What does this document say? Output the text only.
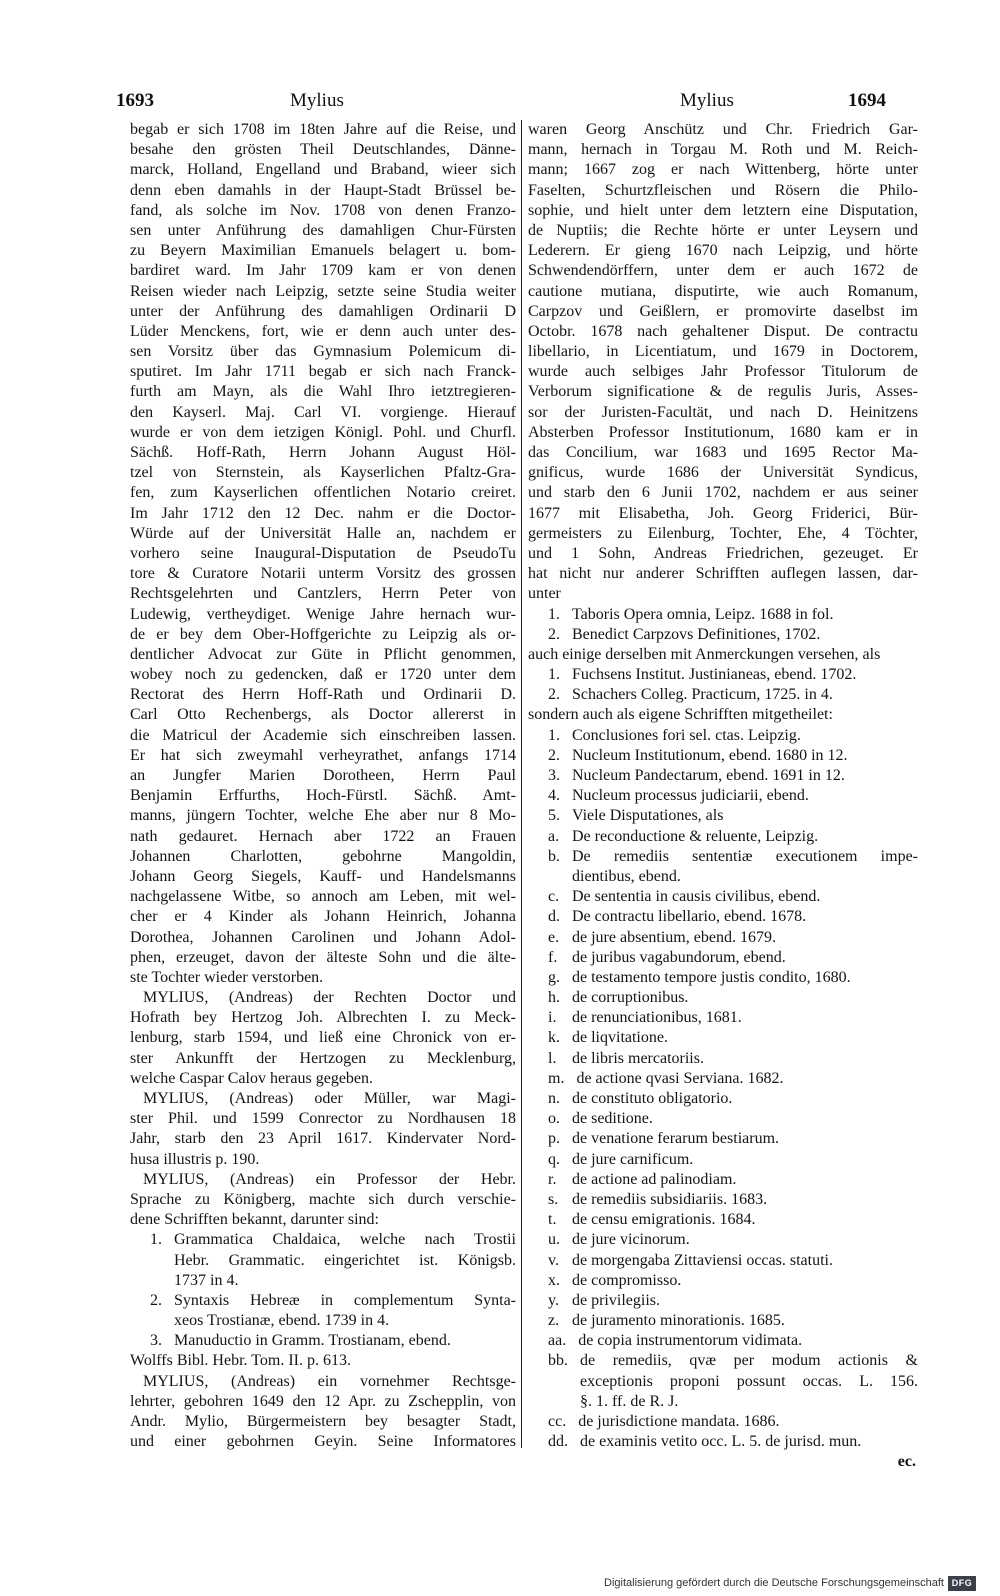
1693	Mylius	Mylius	1694
begab er sich 1708 im 18ten Jahre auf die Reise, und
besahe den grösten Theil Deutschlandes, Dänne-
marck, Holland, Engelland und Braband, wieer sich
denn eben damahls in der Haupt-Stadt Brüssel be-
fand, als solche im Nov. 1708 von denen Franzo-
sen unter Anführung des damahligen Chur-Fürsten
zu Beyern Maximilian Emanuels belagert u. bom-
bardiret ward. Im Jahr 1709 kam er von denen
Reisen wieder nach Leipzig, setzte seine Studia weiter
unter der Anführung des damahligen Ordinarii D
Lüder Menckens, fort, wie er denn auch unter des-
sen Vorsitz über das Gymnasium Polemicum di-
sputiret. Im Jahr 1711 begab er sich nach Franck-
furth am Mayn, als die Wahl Ihro ietztregieren-
den Kayserl. Maj. Carl VI. vorgienge. Hierauf
wurde er von dem ietzigen Königl. Pohl. und Churfl.
Sächß. Hoff-Rath, Herrn Johann August Höl-
tzel von Sternstein, als Kayserlichen Pfaltz-Gra-
fen, zum Kayserlichen offentlichen Notario creiret.
Im Jahr 1712 den 12 Dec. nahm er die Doctor-
Würde auf der Universität Halle an, nachdem er
vorhero seine Inaugural-Disputation de PseudoTu
tore & Curatore Notarii unterm Vorsitz des grossen
Rechtsgelehrten und Cantzlers, Herrn Peter von
Ludewig, vertheydiget. Wenige Jahre hernach wur-
de er bey dem Ober-Hoffgerichte zu Leipzig als or-
dentlicher Advocat zur Güte in Pflicht genommen,
wobey noch zu gedencken, daß er 1720 unter dem
Rectorat des Herrn Hoff-Rath und Ordinarii D.
Carl Otto Rechenbergs, als Doctor allererst in
die Matricul der Academie sich einschreiben lassen.
Er hat sich zweymahl verheyrathet, anfangs 1714
an Jungfer Marien Dorotheen, Herrn Paul
Benjamin Erffurths, Hoch-Fürstl. Sächß. Amt-
manns, jüngern Tochter, welche Ehe aber nur 8 Mo-
nath gedauret. Hernach aber 1722 an Frauen
Johannen Charlotten, gebohrne Mangoldin,
Johann Georg Siegels, Kauff- und Handelsmanns
nachgelassene Witbe, so annoch am Leben, mit wel-
cher er 4 Kinder als Johann Heinrich, Johanna
Dorothea, Johannen Carolinen und Johann Adol-
phen, erzeuget, davon der älteste Sohn und die älte-
ste Tochter wieder verstorben.
MYLIUS, (Andreas) der Rechten Doctor und
Hofrath bey Hertzog Joh. Albrechten I. zu Meck-
lenburg, starb 1594, und ließ eine Chronick von er-
ster Ankunfft der Hertzogen zu Mecklenburg,
welche Caspar Calov heraus gegeben.
MYLIUS, (Andreas) oder Müller, war Magi-
ster Phil. und 1599 Conrector zu Nordhausen 18
Jahr, starb den 23 April 1617. Kindervater Nord-
husa illustris p. 190.
MYLIUS, (Andreas) ein Professor der Hebr.
Sprache zu Königberg, machte sich durch verschie-
dene Schrifften bekannt, darunter sind:
1. Grammatica Chaldaica, welche nach Trostii
Hebr. Grammatic. eingerichtet ist. Königsb.
1737 in 4.
2. Syntaxis Hebreæ in complementum Synta-
xeos Trostianæ, ebend. 1739 in 4.
3. Manuductio in Gramm. Trostianam, ebend.
Wolffs Bibl. Hebr. Tom. II. p. 613.
MYLIUS, (Andreas) ein vornehmer Rechtsge-
lehrter, gebohren 1649 den 12 Apr. zu Zschepplin, von
Andr. Mylio, Bürgermeistern bey besagter Stadt,
und einer gebohrnen Geyin. Seine Informatores
waren Georg Anschütz und Chr. Friedrich Gar-
mann, hernach in Torgau M. Roth und M. Reich-
mann; 1667 zog er nach Wittenberg, hörte unter
Faselten, Schurtzfleischen und Rösern die Philo-
sophie, und hielt unter dem letztern eine Disputation,
de Nuptiis; die Rechte hörte er unter Leysern und
Lederern. Er gieng 1670 nach Leipzig, und hörte
Schwendendörffern, unter dem er auch 1672 de
cautione mutiana, disputirte, wie auch Romanum,
Carpzov und Geißlern, er promovirte daselbst im
Octobr. 1678 nach gehaltener Disput. De contractu
libellario, in Licentiatum, und 1679 in Doctorem,
wurde auch selbiges Jahr Professor Titulorum de
Verborum significatione & de regulis Juris, Asses-
sor der Juristen-Facultät, und nach D. Heinitzens
Absterben Professor Institutionum, 1680 kam er in
das Concilium, war 1683 und 1695 Rector Ma-
gnificus, wurde 1686 der Universität Syndicus,
und starb den 6 Junii 1702, nachdem er aus seiner
1677 mit Elisabetha, Joh. Georg Friderici, Bür-
germeisters zu Eilenburg, Tochter, Ehe, 4 Töchter,
und 1 Sohn, Andreas Friedrichen, gezeuget. Er
hat nicht nur anderer Schrifften auflegen lassen, dar-
unter
1. Taboris Opera omnia, Leipz. 1688 in fol.
2. Benedict Carpzovs Definitiones, 1702.
auch einige derselben mit Anmerckungen versehen, als
1. Fuchsens Institut. Justinianeas, ebend. 1702.
2. Schachers Colleg. Practicum, 1725. in 4.
sondern auch als eigene Schrifften mitgetheilet:
1. Conclusiones fori sel. ctas. Leipzig.
2. Nucleum Institutionum, ebend. 1680 in 12.
3. Nucleum Pandectarum, ebend. 1691 in 12.
4. Nucleum processus judiciarii, ebend.
5. Viele Disputationes, als
a. De reconductione & reluente, Leipzig.
b. De remediis sententiæ executionem impe-
dientibus, ebend.
c. De sententia in causis civilibus, ebend.
d. De contractu libellario, ebend. 1678.
e. de jure absentium, ebend. 1679.
f. de juribus vagabundorum, ebend.
g. de testamento tempore justis condito, 1680.
h. de corruptionibus.
i. de renunciationibus, 1681.
k. de liqvitatione.
l. de libris mercatoriis.
m. de actione qvasi Serviana. 1682.
n. de constituto obligatorio.
o. de seditione.
p. de venatione ferarum bestiarum.
q. de jure carnificum.
r. de actione ad palinodiam.
s. de remediis subsidiariis. 1683.
t. de censu emigrationis. 1684.
u. de jure vicinorum.
v. de morgengaba Zittaviensi occas. statuti.
x. de compromisso.
y. de privilegiis.
z. de juramento minorationis. 1685.
aa. de copia instrumentorum vidimata.
bb. de remediis, qvæ per modum actionis &
exceptionis proponi possunt occas. L. 156.
§. 1. ff. de R. J.
cc. de jurisdictione mandata. 1686.
dd. de examinis vetito occ. L. 5. de jurisd. mun.
ec.
Digitalisierung gefördert durch die Deutsche Forschungsgemeinschaft DFG
